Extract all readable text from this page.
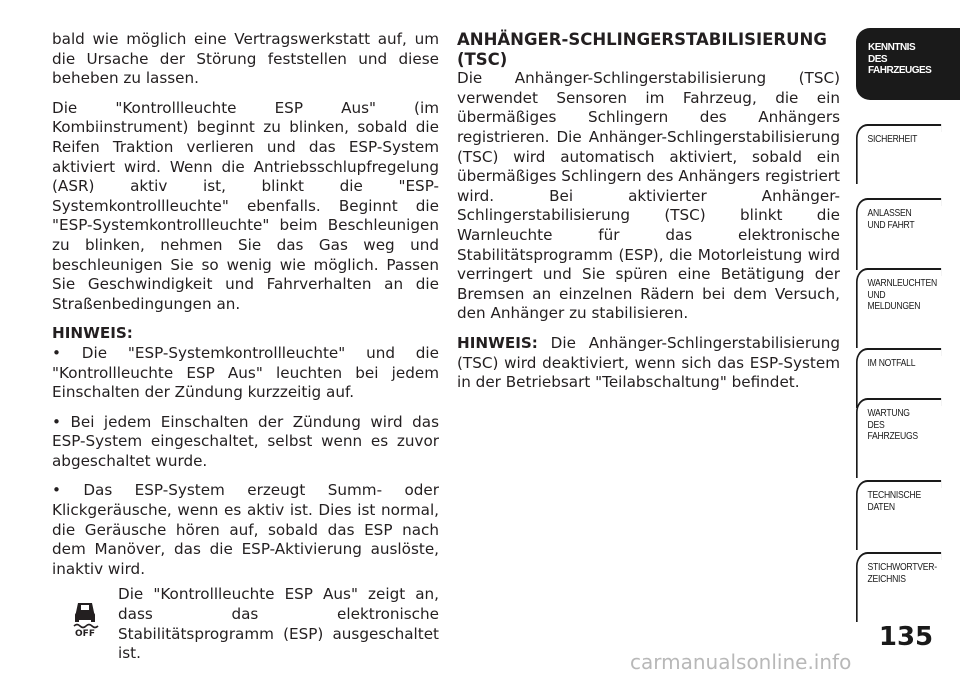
bald wie möglich eine Vertragswerkstatt auf, um die Ursache der Störung feststellen und diese beheben zu lassen.

Die "Kontrollleuchte ESP Aus" (im Kombiinstrument) beginnt zu blinken, sobald die Reifen Traktion verlieren und das ESP-System aktiviert wird. Wenn die Antriebsschlupfregelung (ASR) aktiv ist, blinkt die "ESP-Systemkontrollleuchte" ebenfalls. Beginnt die "ESP-Systemkontrollleuchte" beim Beschleunigen zu blinken, nehmen Sie das Gas weg und beschleunigen Sie so wenig wie möglich. Passen Sie Geschwindigkeit und Fahrverhalten an die Straßenbedingungen an.

HINWEIS:

• Die "ESP-Systemkontrollleuchte" und die "Kontrollleuchte ESP Aus" leuchten bei jedem Einschalten der Zündung kurzzeitig auf.

• Bei jedem Einschalten der Zündung wird das ESP-System eingeschaltet, selbst wenn es zuvor abgeschaltet wurde.

• Das ESP-System erzeugt Summ- oder Klickgeräusche, wenn es aktiv ist. Dies ist normal, die Geräusche hören auf, sobald das ESP nach dem Manöver, das die ESP-Aktivierung auslöste, inaktiv wird.

OFF
Die "Kontrollleuchte ESP Aus" zeigt an, dass das elektronische Stabilitätsprogramm (ESP) ausgeschaltet ist.
ANHÄNGER-SCHLINGERSTABILISIERUNG (TSC)

Die Anhänger-Schlingerstabilisierung (TSC) verwendet Sensoren im Fahrzeug, die ein übermäßiges Schlingern des Anhängers registrieren. Die Anhänger-Schlingerstabilisierung (TSC) wird automatisch aktiviert, sobald ein übermäßiges Schlingern des Anhängers registriert wird. Bei aktivierter Anhänger-Schlingerstabilisierung (TSC) blinkt die Warnleuchte für das elektronische Stabilitätsprogramm (ESP), die Motorleistung wird verringert und Sie spüren eine Betätigung der Bremsen an einzelnen Rädern bei dem Versuch, den Anhänger zu stabilisieren.

HINWEIS: Die Anhänger-Schlingerstabilisierung (TSC) wird deaktiviert, wenn sich das ESP-System in der Betriebsart "Teilabschaltung" befindet.

KENNTNIS
DES
FAHRZEUGES
SICHERHEIT
ANLASSEN
UND FAHRT
WARNLEUCHTEN
UND
MELDUNGEN
IM NOTFALL
WARTUNG
DES
FAHRZEUGS
TECHNISCHE
DATEN
STICHWORTVER-
ZEICHNIS
135
carmanualsonline.info
